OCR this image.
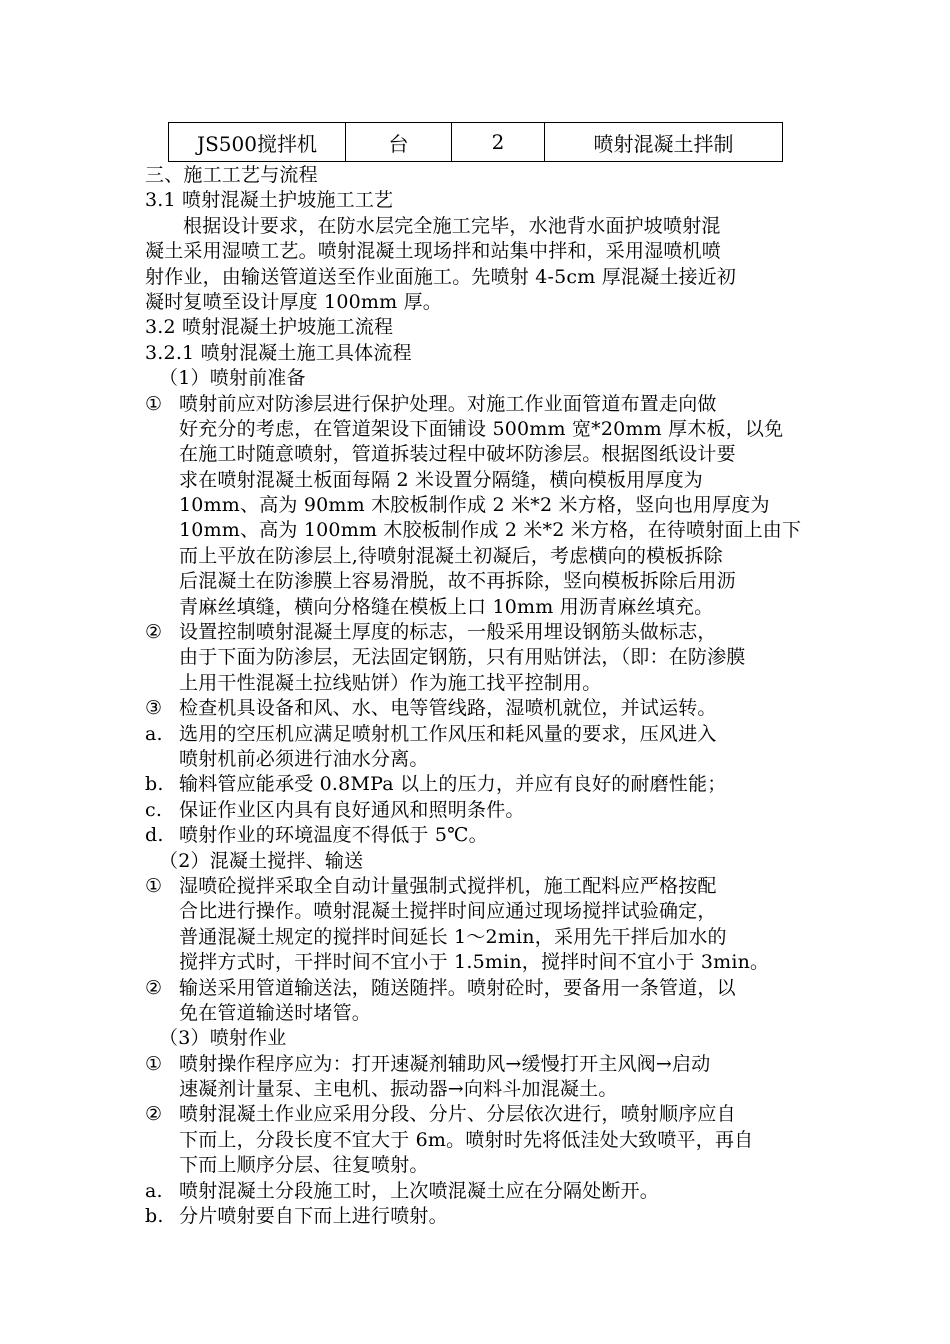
JS500搅拌机	台	2	喷射混凝土拌制
三、施工工艺与流程
3.1 喷射混凝土护坡施工工艺
根据设计要求，在防水层完全施工完毕，水池背水面护坡喷射混
凝土采用湿喷工艺。喷射混凝土现场拌和站集中拌和，采用湿喷机喷
射作业，由输送管道送至作业面施工。先喷射 4-5cm 厚混凝土接近初
凝时复喷至设计厚度 100mm 厚。
3.2 喷射混凝土护坡施工流程
3.2.1 喷射混凝土施工具体流程
（1）喷射前准备
① 喷射前应对防渗层进行保护处理。对施工作业面管道布置走向做
好充分的考虑，在管道架设下面铺设 500mm 宽*20mm 厚木板，以免
在施工时随意喷射，管道拆装过程中破坏防渗层。根据图纸设计要
求在喷射混凝土板面每隔 2 米设置分隔缝，横向模板用厚度为
10mm、高为 90mm 木胶板制作成 2 米*2 米方格，竖向也用厚度为
10mm、高为 100mm 木胶板制作成 2 米*2 米方格，在待喷射面上由下
而上平放在防渗层上,待喷射混凝土初凝后，考虑横向的模板拆除
后混凝土在防渗膜上容易滑脱，故不再拆除，竖向模板拆除后用沥
青麻丝填缝，横向分格缝在模板上口 10mm 用沥青麻丝填充。
② 设置控制喷射混凝土厚度的标志，一般采用埋设钢筋头做标志，
由于下面为防渗层，无法固定钢筋，只有用贴饼法，（即：在防渗膜
上用干性混凝土拉线贴饼）作为施工找平控制用。
③ 检查机具设备和风、水、电等管线路，湿喷机就位，并试运转。
a. 选用的空压机应满足喷射机工作风压和耗风量的要求，压风进入
喷射机前必须进行油水分离。
b. 输料管应能承受 0.8MPa 以上的压力，并应有良好的耐磨性能；
c. 保证作业区内具有良好通风和照明条件。
d. 喷射作业的环境温度不得低于 5℃。
（2）混凝土搅拌、输送
① 湿喷砼搅拌采取全自动计量强制式搅拌机，施工配料应严格按配
合比进行操作。喷射混凝土搅拌时间应通过现场搅拌试验确定，
普通混凝土规定的搅拌时间延长 1～2min，采用先干拌后加水的
搅拌方式时，干拌时间不宜小于 1.5min，搅拌时间不宜小于 3min。
② 输送采用管道输送法，随送随拌。喷射砼时，要备用一条管道，以
免在管道输送时堵管。
（3）喷射作业
① 喷射操作程序应为：打开速凝剂辅助风→缓慢打开主风阀→启动
速凝剂计量泵、主电机、振动器→向料斗加混凝土。
② 喷射混凝土作业应采用分段、分片、分层依次进行，喷射顺序应自
下而上，分段长度不宜大于 6m。喷射时先将低洼处大致喷平，再自
下而上顺序分层、往复喷射。
a. 喷射混凝土分段施工时，上次喷混凝土应在分隔处断开。
b. 分片喷射要自下而上进行喷射。
